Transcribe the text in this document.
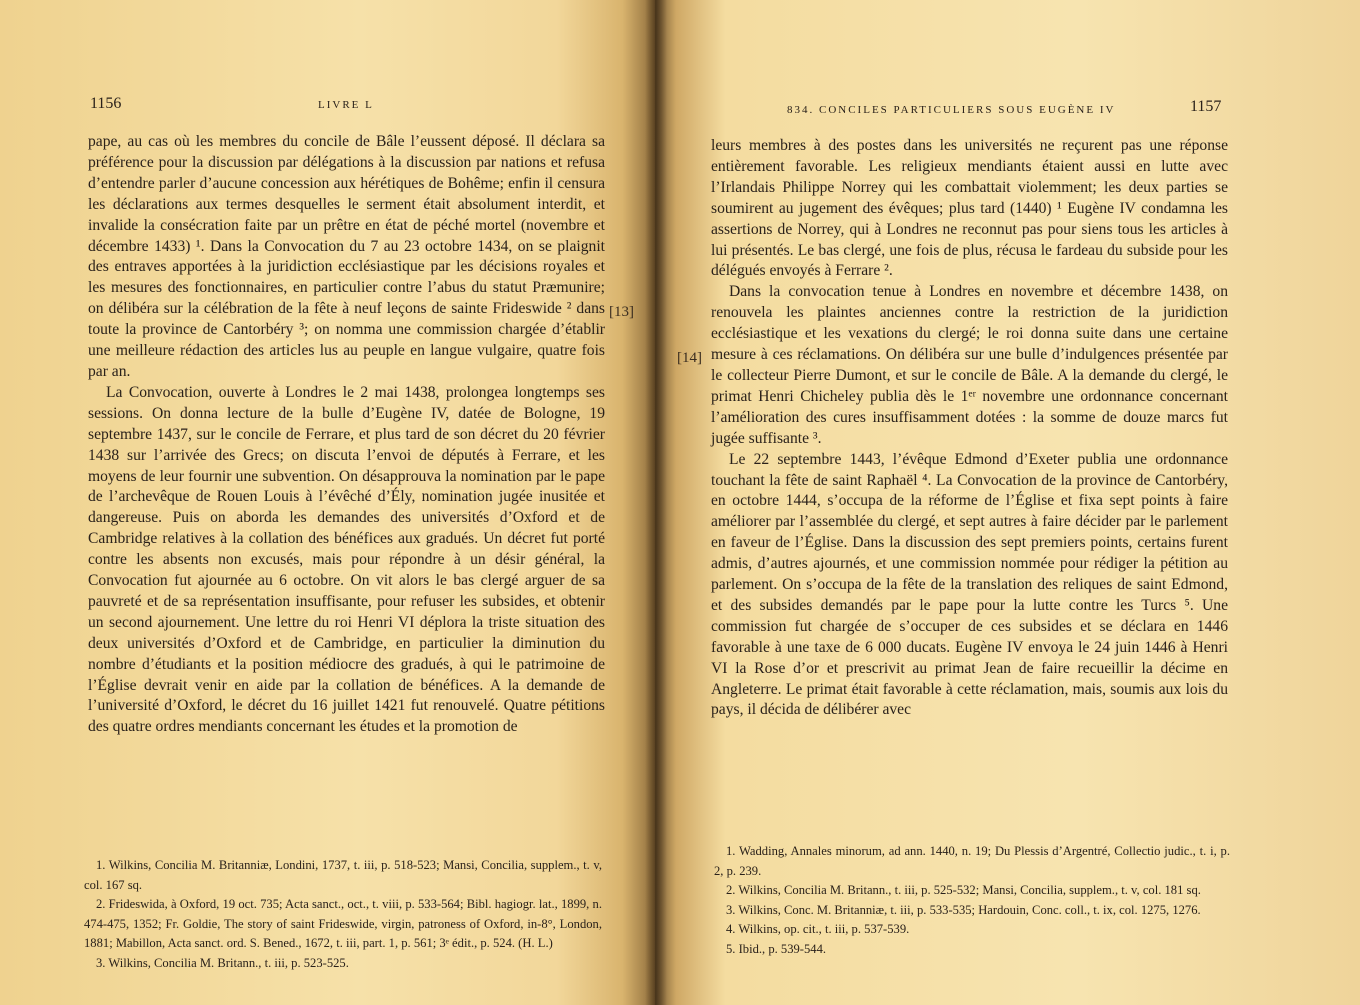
1156	LIVRE L

pape, au cas où les membres du concile de Bâle l’eussent déposé. Il déclara sa préférence pour la discussion par délégations à la discussion par nations et refusa d’entendre parler d’aucune concession aux hérétiques de Bohême; enfin il censura les déclarations aux termes desquelles le serment était absolument interdit, et invalide la consécration faite par un prêtre en état de péché mortel (novembre et décembre 1433) ¹. Dans la Convocation du 7 au 23 octobre 1434, on se plaignit des entraves apportées à la juridiction ecclésiastique par les décisions royales et les mesures des fonctionnaires, en particulier contre l’abus du statut Præmunire; on délibéra sur la célébration de la fête à neuf leçons de sainte Frideswide ² dans toute la province de Cantorbéry ³; on nomma une commission chargée d’établir une meilleure rédaction des articles lus au peuple en langue vulgaire, quatre fois par an.

La Convocation, ouverte à Londres le 2 mai 1438, prolongea longtemps ses sessions. On donna lecture de la bulle d’Eugène IV, datée de Bologne, 19 septembre 1437, sur le concile de Ferrare, et plus tard de son décret du 20 février 1438 sur l’arrivée des Grecs; on discuta l’envoi de députés à Ferrare, et les moyens de leur fournir une subvention. On désapprouva la nomination par le pape de l’archevêque de Rouen Louis à l’évêché d’Ély, nomination jugée inusitée et dangereuse. Puis on aborda les demandes des universités d’Oxford et de Cambridge relatives à la collation des bénéfices aux gradués. Un décret fut porté contre les absents non excusés, mais pour répondre à un désir général, la Convocation fut ajournée au 6 octobre. On vit alors le bas clergé arguer de sa pauvreté et de sa représentation insuffisante, pour refuser les subsides, et obtenir un second ajournement. Une lettre du roi Henri VI déplora la triste situation des deux universités d’Oxford et de Cambridge, en particulier la diminution du nombre d’étudiants et la position médiocre des gradués, à qui le patrimoine de l’Église devrait venir en aide par la collation de bénéfices. A la demande de l’université d’Oxford, le décret du 16 juillet 1421 fut renouvelé. Quatre pétitions des quatre ordres mendiants concernant les études et la promotion de

1. Wilkins, Concilia M. Britanniæ, Londini, 1737, t. iii, p. 518-523; Mansi, Concilia, supplem., t. v, col. 167 sq.

2. Frideswida, à Oxford, 19 oct. 735; Acta sanct., oct., t. viii, p. 533-564; Bibl. hagiogr. lat., 1899, n. 474-475, 1352; Fr. Goldie, The story of saint Frideswide, virgin, patroness of Oxford, in-8°, London, 1881; Mabillon, Acta sanct. ord. S. Bened., 1672, t. iii, part. 1, p. 561; 3ᵉ édit., p. 524. (H. L.)

3. Wilkins, Concilia M. Britann., t. iii, p. 523-525.

[13]
834. CONCILES PARTICULIERS SOUS EUGÈNE IV	1157
[14]

leurs membres à des postes dans les universités ne reçurent pas une réponse entièrement favorable. Les religieux mendiants étaient aussi en lutte avec l’Irlandais Philippe Norrey qui les combattait violemment; les deux parties se soumirent au jugement des évêques; plus tard (1440) ¹ Eugène IV condamna les assertions de Norrey, qui à Londres ne reconnut pas pour siens tous les articles à lui présentés. Le bas clergé, une fois de plus, récusa le fardeau du subside pour les délégués envoyés à Ferrare ².

Dans la convocation tenue à Londres en novembre et décembre 1438, on renouvela les plaintes anciennes contre la restriction de la juridiction ecclésiastique et les vexations du clergé; le roi donna suite dans une certaine mesure à ces réclamations. On délibéra sur une bulle d’indulgences présentée par le collecteur Pierre Dumont, et sur le concile de Bâle. A la demande du clergé, le primat Henri Chicheley publia dès le 1ᵉʳ novembre une ordonnance concernant l’amélioration des cures insuffisamment dotées : la somme de douze marcs fut jugée suffisante ³.

Le 22 septembre 1443, l’évêque Edmond d’Exeter publia une ordonnance touchant la fête de saint Raphaël ⁴. La Convocation de la province de Cantorbéry, en octobre 1444, s’occupa de la réforme de l’Église et fixa sept points à faire améliorer par l’assemblée du clergé, et sept autres à faire décider par le parlement en faveur de l’Église. Dans la discussion des sept premiers points, certains furent admis, d’autres ajournés, et une commission nommée pour rédiger la pétition au parlement. On s’occupa de la fête de la translation des reliques de saint Edmond, et des subsides demandés par le pape pour la lutte contre les Turcs ⁵. Une commission fut chargée de s’occuper de ces subsides et se déclara en 1446 favorable à une taxe de 6 000 ducats. Eugène IV envoya le 24 juin 1446 à Henri VI la Rose d’or et prescrivit au primat Jean de faire recueillir la décime en Angleterre. Le primat était favorable à cette réclamation, mais, soumis aux lois du pays, il décida de délibérer avec

1. Wadding, Annales minorum, ad ann. 1440, n. 19; Du Plessis d’Argentré, Collectio judic., t. i, p. 2, p. 239.

2. Wilkins, Concilia M. Britann., t. iii, p. 525-532; Mansi, Concilia, supplem., t. v, col. 181 sq.

3. Wilkins, Conc. M. Britanniæ, t. iii, p. 533-535; Hardouin, Conc. coll., t. ix, col. 1275, 1276.

4. Wilkins, op. cit., t. iii, p. 537-539.

5. Ibid., p. 539-544.
